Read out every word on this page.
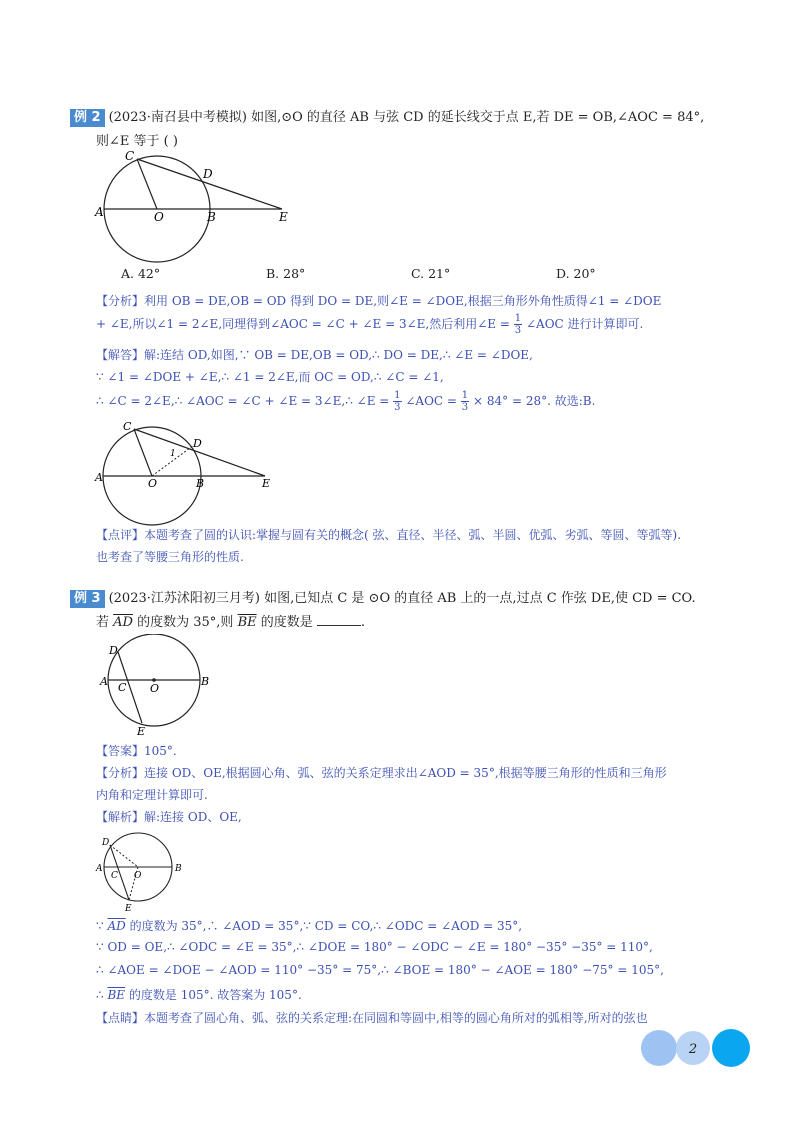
例 2 (2023·南召县中考模拟) 如图,⊙O 的直径 AB 与弦 CD 的延长线交于点 E,若 DE = OB,∠AOC = 84°,
则∠E 等于 ( )
C
D
A	O	B	E
A. 42°	B. 28°	C. 21°	D. 20°
【分析】利用 OB = DE,OB = OD 得到 DO = DE,则∠E = ∠DOE,根据三角形外角性质得∠1 = ∠DOE
+ ∠E,所以∠1 = 2∠E,同理得到∠AOC = ∠C + ∠E = 3∠E,然后利用∠E = $\frac{1}{3}$ ∠AOC 进行计算即可.
【解答】解:连结 OD,如图,∵ OB = DE,OB = OD,∴ DO = DE,∴ ∠E = ∠DOE,
∵ ∠1 = ∠DOE + ∠E,∴ ∠1 = 2∠E,而 OC = OD,∴ ∠C = ∠1,
∴ ∠C = 2∠E,∴ ∠AOC = ∠C + ∠E = 3∠E,∴ ∠E = $\frac{1}{3}$ ∠AOC = $\frac{1}{3} \times 84^\circ = 28^\circ$. 故选:B.
C
D
1
A	O	B	E
【点评】本题考查了圆的认识:掌握与圆有关的概念( 弦、直径、半径、弧、半圆、优弧、劣弧、等圆、等弧等).
也考查了等腰三角形的性质.
例 3 (2023·江苏沭阳初三月考) 如图,已知点 C 是 ⊙O 的直径 AB 上的一点,过点 C 作弦 DE,使 CD = CO.
若 $\overline{AD}$ 的度数为 35°,则 $\overline{BE}$ 的度数是	.
D
A C O
B
E
【答案】105°.
【分析】连接 OD、OE,根据圆心角、弧、弦的关系定理求出∠AOD = 35°,根据等腰三角形的性质和三角形
内角和定理计算即可.
【解析】解:连接 OD、OE,
D
A
C O
B
E
∵ $\overline{AD}$ 的度数为 35°,∴ ∠AOD = 35°,∵ CD = CO,∴ ∠ODC = ∠AOD = 35°,
∵ OD = OE,∴ ∠ODC = ∠E = 35°,∴ ∠DOE = 180° − ∠ODC − ∠E = 180° −35° −35° = 110°,
∴ ∠AOE = ∠DOE − ∠AOD = 110° −35° = 75°,∴ ∠BOE = 180° − ∠AOE = 180° −75° = 105°,
∴ $\overline{BE}$ 的度数是 105°. 故答案为 105°.
【点睛】本题考查了圆心角、弧、弦的关系定理:在同圆和等圆中,相等的圆心角所对的弧相等,所对的弦也
2
